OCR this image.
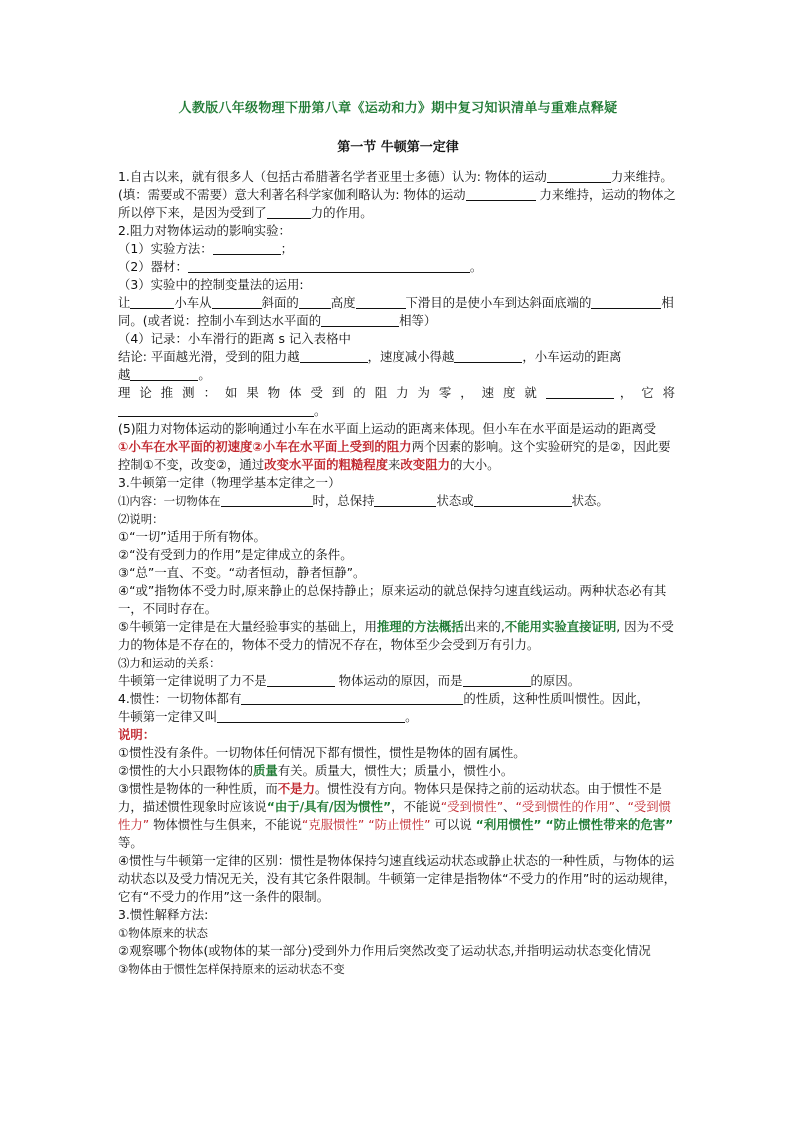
人教版八年级物理下册第八章《运动和力》期中复习知识清单与重难点释疑
第一节 牛顿第一定律

1.自古以来，就有很多人（包括古希腊著名学者亚里士多德）认为: 物体的运动	力来维持。(填：需要或不需要）意大利著名科学家伽利略认为: 物体的运动	力来维持，运动的物体之所以停下来，是因为受到了	力的作用。

2.阻力对物体运动的影响实验：

（1）实验方法：	；

（2）器材：	。

（3）实验中的控制变量法的运用:

让	小车从	斜面的	高度	下滑目的是使小车到达斜面底端的	相同。(或者说：控制小车到达水平面的	相等）

（4）记录：小车滑行的距离 s 记入表格中

结论: 平面越光滑，受到的阻力越	，速度减小得越	，小车运动的距离
越	。

理论推测：如果物体受到的阻力为零，速度就	，它将

。

(5)阻力对物体运动的影响通过小车在水平面上运动的距离来体现。但小车在水平面是运动的距离受
①小车在水平面的初速度②小车在水平面上受到的阻力两个因素的影响。这个实验研究的是②，因此要控制①不变，改变②，通过改变水平面的粗糙程度来改变阻力的大小。

3.牛顿第一定律（物理学基本定律之一）

⑴内容：一切物体在	时，总保持	状态或	状态。

⑵说明：

①“一切”适用于所有物体。

②“没有受到力的作用”是定律成立的条件。

③“总”一直、不变。“动者恒动，静者恒静”。

④“或”指物体不受力时,原来静止的总保持静止；原来运动的就总保持匀速直线运动。两种状态必有其一，不同时存在。

⑤牛顿第一定律是在大量经验事实的基础上，用推理的方法概括出来的,不能用实验直接证明, 因为不受力的物体是不存在的，物体不受力的情况不存在，物体至少会受到万有引力。

⑶力和运动的关系：

牛顿第一定律说明了力不是	物体运动的原因，而是	的原因。

4.惯性：一切物体都有	的性质，这种性质叫惯性。因此，
牛顿第一定律又叫	。

说明：

①惯性没有条件。一切物体任何情况下都有惯性，惯性是物体的固有属性。

②惯性的大小只跟物体的质量有关。质量大，惯性大；质量小，惯性小。

③惯性是物体的一种性质，而不是力。惯性没有方向。物体只是保持之前的运动状态。由于惯性不是力，描述惯性现象时应该说“由于/具有/因为惯性”，不能说“受到惯性”、“受到惯性的作用”、“受到惯性力” 物体惯性与生俱来，不能说“克服惯性” “防止惯性” 可以说 “利用惯性” “防止惯性带来的危害” 等。

④惯性与牛顿第一定律的区别：惯性是物体保持匀速直线运动状态或静止状态的一种性质，与物体的运动状态以及受力情况无关，没有其它条件限制。牛顿第一定律是指物体“不受力的作用”时的运动规律，它有“不受力的作用”这一条件的限制。

3.惯性解释方法:

①物体原来的状态

②观察哪个物体(或物体的某一部分)受到外力作用后突然改变了运动状态,并指明运动状态变化情况

③物体由于惯性怎样保持原来的运动状态不变
